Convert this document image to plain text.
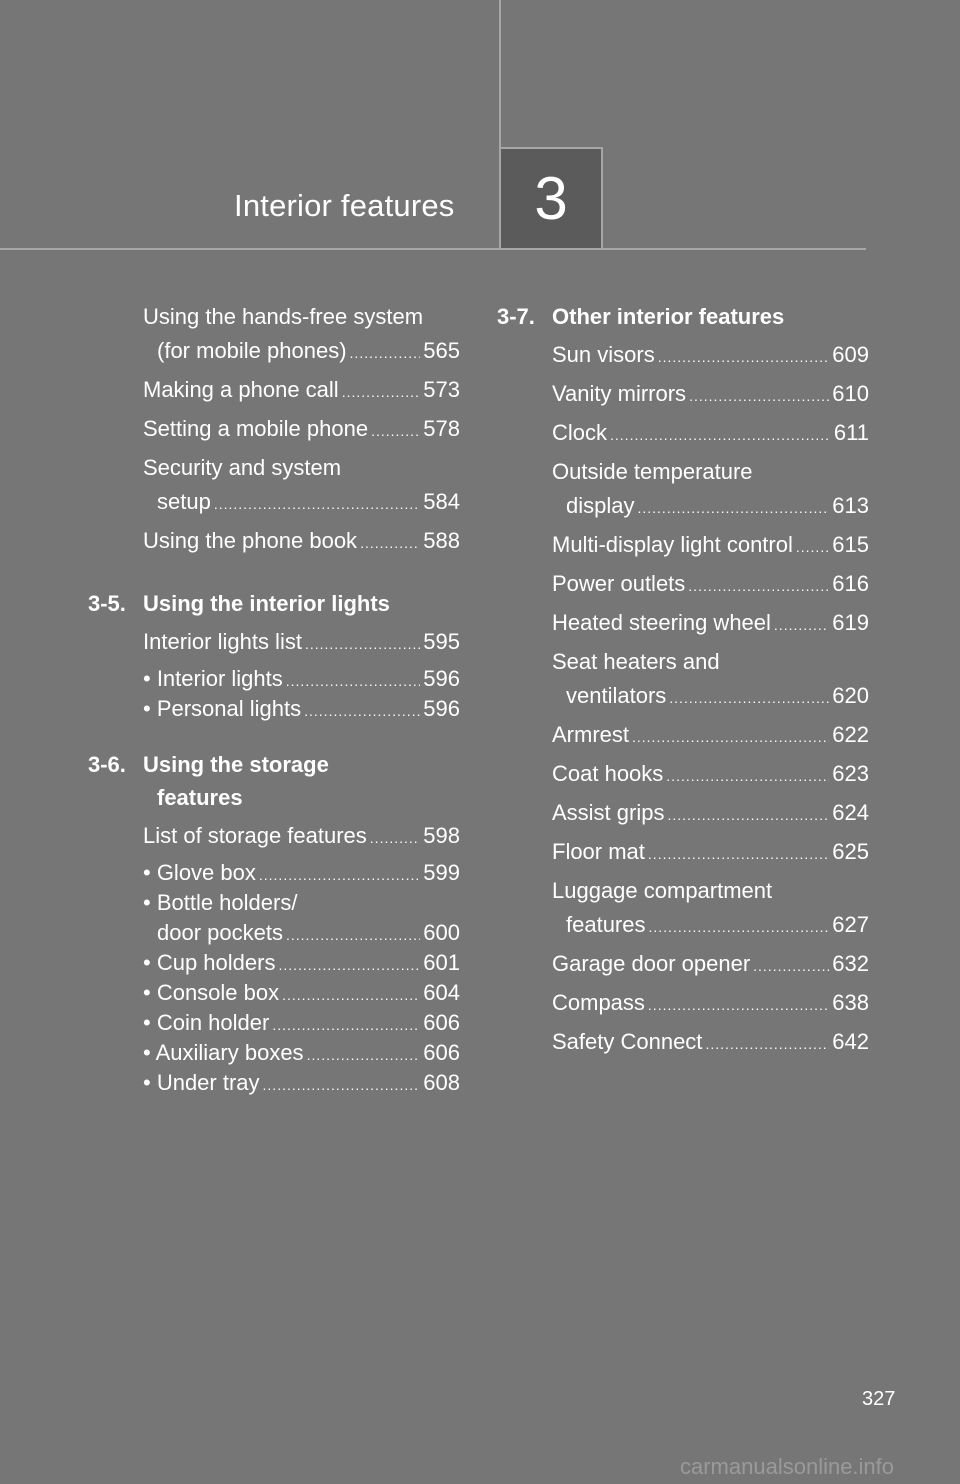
Interior features 3
Using the hands-free system
(for mobile phones) .....	565
Making a phone call .....	573
Setting a mobile phone .....	578
Security and system
setup .....	584
Using the phone book .....	588
3-5. Using the interior lights
Interior lights list .....	595
• Interior lights .....	596
• Personal lights .....	596
3-6. Using the storage
features
List of storage features .....	598
• Glove box .....	599
• Bottle holders/
door pockets .....	600
• Cup holders .....	601
• Console box .....	604
• Coin holder .....	606
• Auxiliary boxes .....	606
• Under tray .....	608
3-7. Other interior features
Sun visors .....	609
Vanity mirrors .....	610
Clock .....	611
Outside temperature
display .....	613
Multi-display light control ..... 615
Power outlets .....	616
Heated steering wheel .....	619
Seat heaters and
ventilators .....	620
Armrest .....	622
Coat hooks .....	623
Assist grips .....	624
Floor mat .....	625
Luggage compartment
features .....	627
Garage door opener .....	632
Compass .....	638
Safety Connect .....	642
327
carmanualsonline.info
